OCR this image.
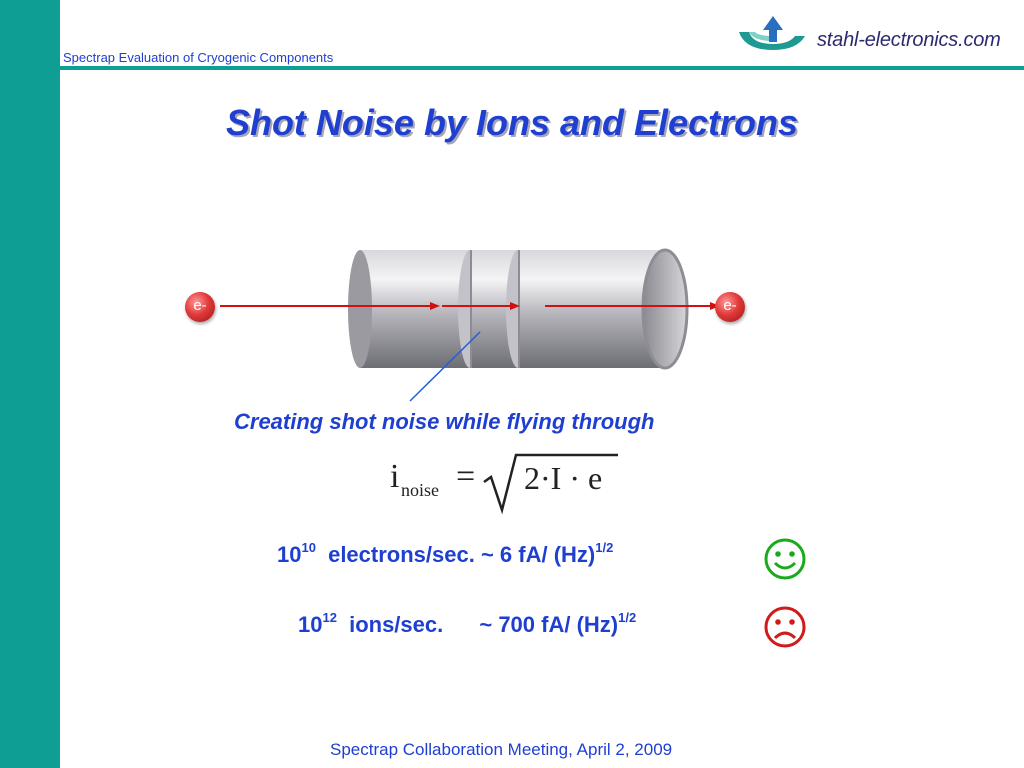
Spectrap Evaluation of Cryogenic Components
stahl-electronics.com
Shot Noise by Ions and Electrons
e-	e-
Creating shot noise while flying through
i noise = 2·I · e
$10^{10}$ electrons/sec. ~ 6 fA/ $(Hz)^{1/2}$
$10^{12}$ ions/sec. ~ 700 fA/ $(Hz)^{1/2}$
Spectrap Collaboration Meeting, April 2, 2009
